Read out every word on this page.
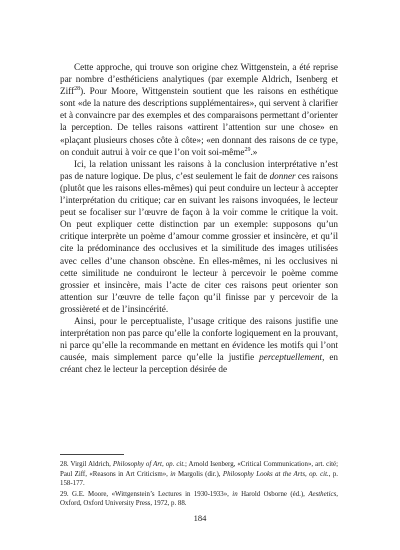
Cette approche, qui trouve son origine chez Wittgenstein, a été reprise par nombre d’esthéticiens analytiques (par exemple Aldrich, Isenberg et Ziff$^{28}$). Pour Moore, Wittgenstein soutient que les raisons en esthétique sont «de la nature des descriptions supplémentaires», qui servent à clarifier et à convaincre par des exemples et des comparaisons permettant d’orienter la perception. De telles raisons «attirent l’attention sur une chose» en «plaçant plusieurs choses côte à côte»; «en donnant des raisons de ce type, on conduit autrui à voir ce que l’on voit soi-même$^{29}$.»

Ici, la relation unissant les raisons à la conclusion interprétative n’est pas de nature logique. De plus, c’est seulement le fait de donner ces raisons (plutôt que les raisons elles-mêmes) qui peut conduire un lecteur à accepter l’interprétation du critique; car en suivant les raisons invoquées, le lecteur peut se focaliser sur l’œuvre de façon à la voir comme le critique la voit. On peut expliquer cette distinction par un exemple: supposons qu’un critique interprète un poème d’amour comme grossier et insincère, et qu’il cite la prédominance des occlusives et la similitude des images utilisées avec celles d’une chanson obscène. En elles-mêmes, ni les occlusives ni cette similitude ne conduiront le lecteur à percevoir le poème comme grossier et insincère, mais l’acte de citer ces raisons peut orienter son attention sur l’œuvre de telle façon qu’il finisse par y percevoir de la grossièreté et de l’insincérité.

Ainsi, pour le perceptualiste, l’usage critique des raisons justifie une interprétation non pas parce qu’elle la conforte logiquement en la prouvant, ni parce qu’elle la recommande en mettant en évidence les motifs qui l’ont causée, mais simplement parce qu’elle la justifie perceptuellement, en créant chez le lecteur la perception désirée de

28. Virgil Aldrich, Philosophy of Art, op. cit.; Arnold Isenberg, «Critical Communication», art. cité; Paul Ziff, «Reasons in Art Criticism», in Margolis (dir.), Philosophy Looks at the Arts, op. cit., p. 158-177.

29. G.E. Moore, «Wittgenstein’s Lectures in 1930-1933», in Harold Osborne (éd.), Aesthetics, Oxford, Oxford University Press, 1972, p. 88.

184
